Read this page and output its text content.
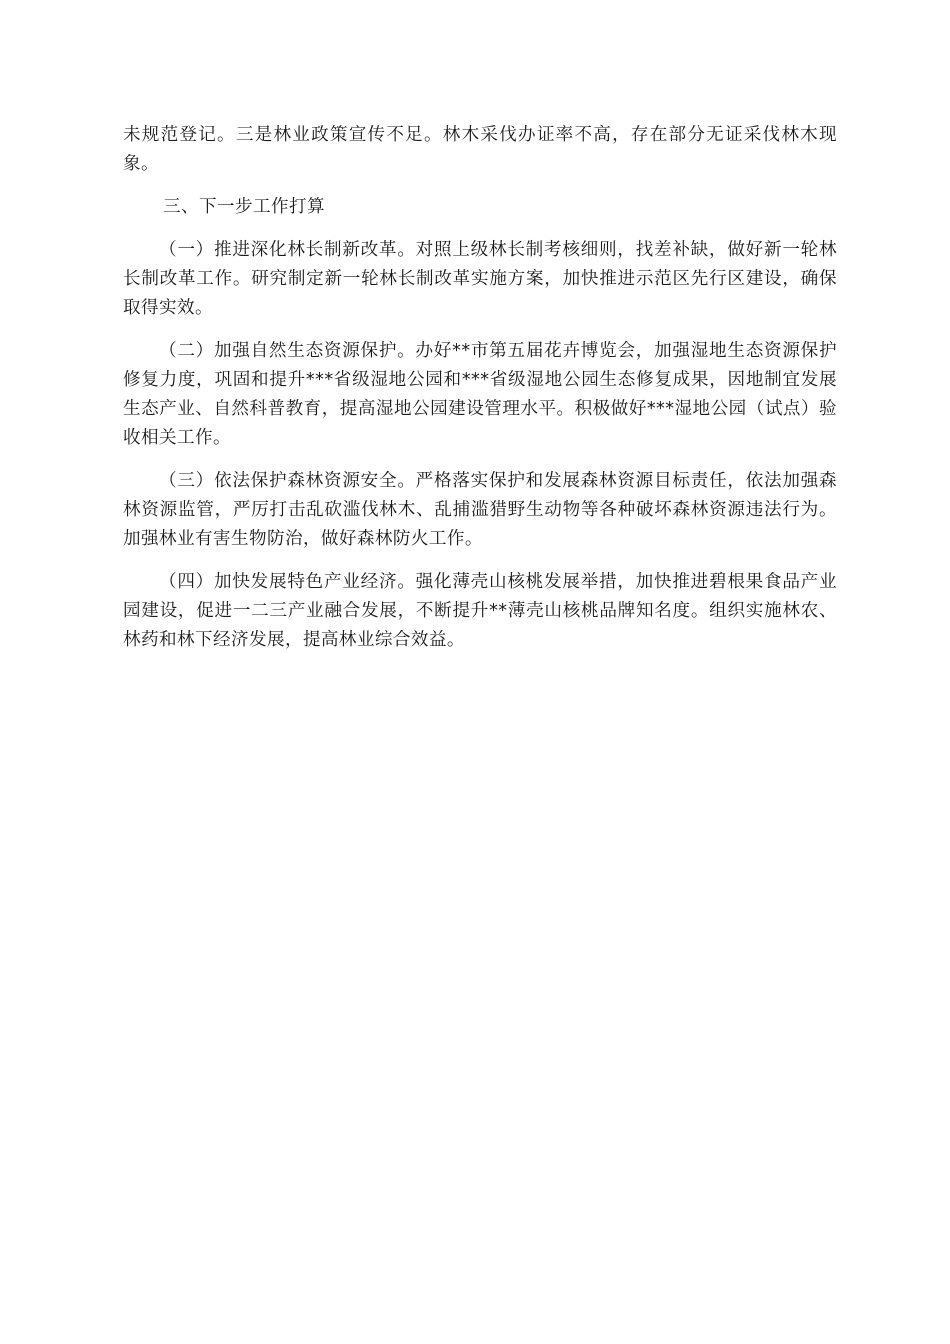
未规范登记。三是林业政策宣传不足。林木采伐办证率不高，存在部分无证采伐林木现象。

三、下一步工作打算

（一）推进深化林长制新改革。对照上级林长制考核细则，找差补缺，做好新一轮林长制改革工作。研究制定新一轮林长制改革实施方案，加快推进示范区先行区建设，确保取得实效。

（二）加强自然生态资源保护。办好**市第五届花卉博览会，加强湿地生态资源保护修复力度，巩固和提升***省级湿地公园和***省级湿地公园生态修复成果，因地制宜发展生态产业、自然科普教育，提高湿地公园建设管理水平。积极做好***湿地公园（试点）验收相关工作。

（三）依法保护森林资源安全。严格落实保护和发展森林资源目标责任，依法加强森林资源监管，严厉打击乱砍滥伐林木、乱捕滥猎野生动物等各种破坏森林资源违法行为。加强林业有害生物防治，做好森林防火工作。

（四）加快发展特色产业经济。强化薄壳山核桃发展举措，加快推进碧根果食品产业园建设，促进一二三产业融合发展，不断提升**薄壳山核桃品牌知名度。组织实施林农、林药和林下经济发展，提高林业综合效益。
